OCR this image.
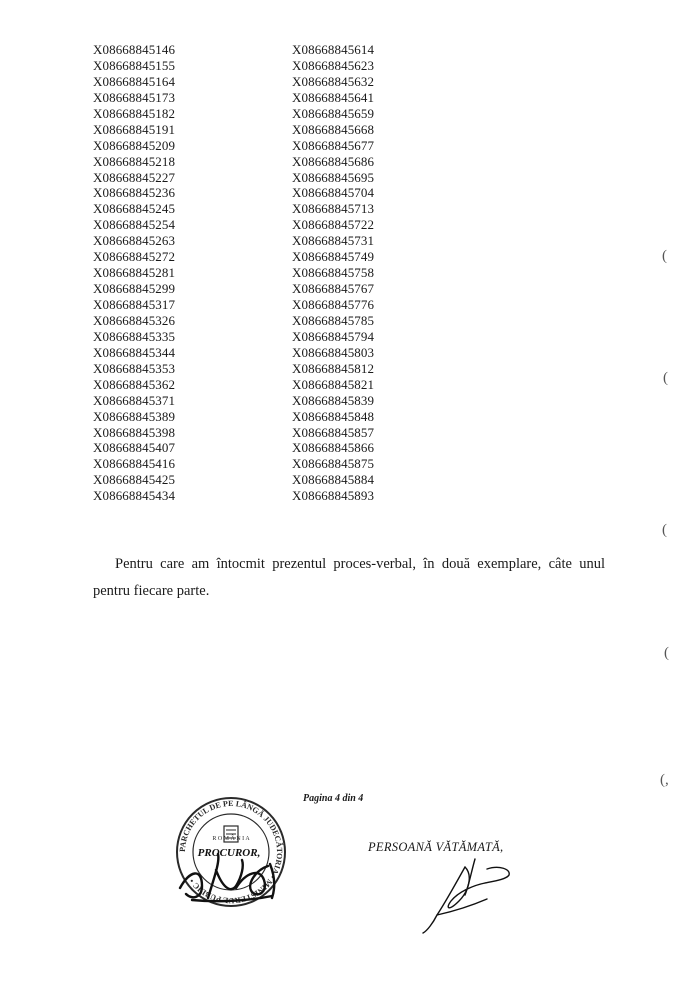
X08668845146
X08668845155
X08668845164
X08668845173
X08668845182
X08668845191
X08668845209
X08668845218
X08668845227
X08668845236
X08668845245
X08668845254
X08668845263
X08668845272
X08668845281
X08668845299
X08668845317
X08668845326
X08668845335
X08668845344
X08668845353
X08668845362
X08668845371
X08668845389
X08668845398
X08668845407
X08668845416
X08668845425
X08668845434
X08668845614
X08668845623
X08668845632
X08668845641
X08668845659
X08668845668
X08668845677
X08668845686
X08668845695
X08668845704
X08668845713
X08668845722
X08668845731
X08668845749
X08668845758
X08668845767
X08668845776
X08668845785
X08668845794
X08668845803
X08668845812
X08668845821
X08668845839
X08668845848
X08668845857
X08668845866
X08668845875
X08668845884
X08668845893

Pentru care am întocmit prezentul proces-verbal, în două exemplare, câte unul pentru fiecare parte.

Pagina 4 din 4

PERSOANĂ VĂTĂMATĂ,

PARCHETUL DE PE LÂNGĂ JUDECĂTORIA • MINISTERUL PUBLIC •
R O M Â N I A
PROCUROR,
(
(
(
(
(,
